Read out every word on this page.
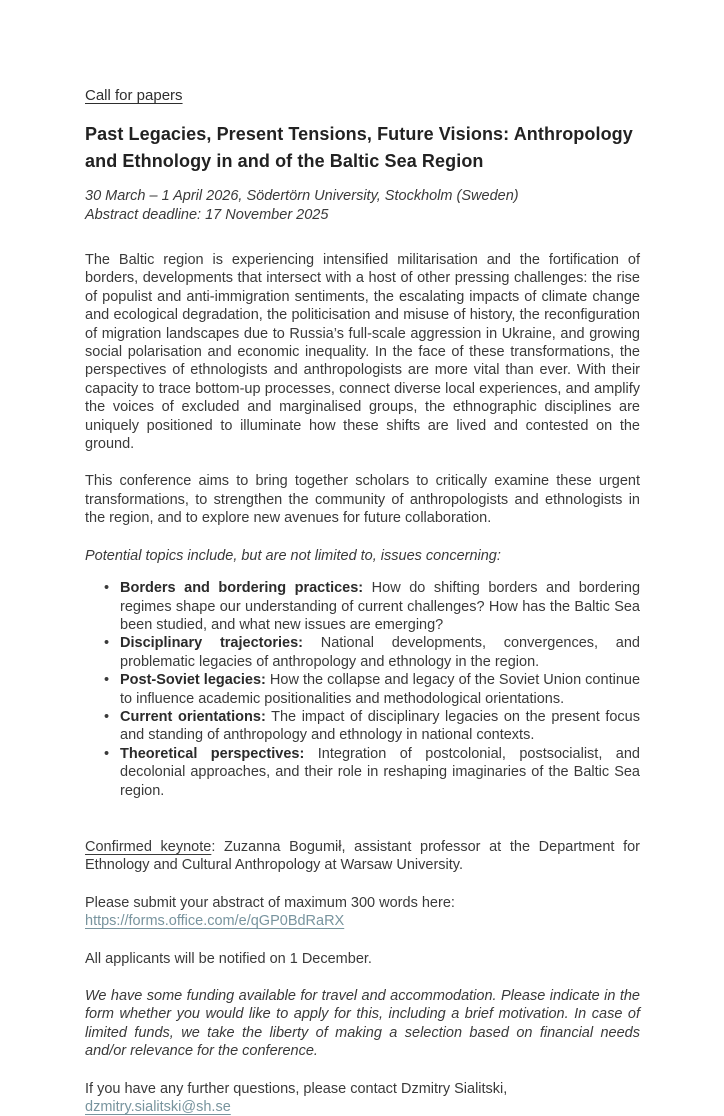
Call for papers
Past Legacies, Present Tensions, Future Visions: Anthropology and Ethnology in and of the Baltic Sea Region
30 March – 1 April 2026, Södertörn University, Stockholm (Sweden)
Abstract deadline: 17 November 2025

The Baltic region is experiencing intensified militarisation and the fortification of borders, developments that intersect with a host of other pressing challenges: the rise of populist and anti-immigration sentiments, the escalating impacts of climate change and ecological degradation, the politicisation and misuse of history, the reconfiguration of migration landscapes due to Russia’s full-scale aggression in Ukraine, and growing social polarisation and economic inequality. In the face of these transformations, the perspectives of ethnologists and anthropologists are more vital than ever. With their capacity to trace bottom-up processes, connect diverse local experiences, and amplify the voices of excluded and marginalised groups, the ethnographic disciplines are uniquely positioned to illuminate how these shifts are lived and contested on the ground.

This conference aims to bring together scholars to critically examine these urgent transformations, to strengthen the community of anthropologists and ethnologists in the region, and to explore new avenues for future collaboration.

Potential topics include, but are not limited to, issues concerning:

• Borders and bordering practices: How do shifting borders and bordering regimes shape our understanding of current challenges? How has the Baltic Sea been studied, and what new issues are emerging?
• Disciplinary trajectories: National developments, convergences, and problematic legacies of anthropology and ethnology in the region.
• Post-Soviet legacies: How the collapse and legacy of the Soviet Union continue to influence academic positionalities and methodological orientations.
• Current orientations: The impact of disciplinary legacies on the present focus and standing of anthropology and ethnology in national contexts.
• Theoretical perspectives: Integration of postcolonial, postsocialist, and decolonial approaches, and their role in reshaping imaginaries of the Baltic Sea region.

Confirmed keynote: Zuzanna Bogumił, assistant professor at the Department for Ethnology and Cultural Anthropology at Warsaw University.

Please submit your abstract of maximum 300 words here:

https://forms.office.com/e/qGP0BdRaRX

All applicants will be notified on 1 December.

We have some funding available for travel and accommodation. Please indicate in the form whether you would like to apply for this, including a brief motivation. In case of limited funds, we take the liberty of making a selection based on financial needs and/or relevance for the conference.

If you have any further questions, please contact Dzmitry Sialitski, dzmitry.sialitski@sh.se
